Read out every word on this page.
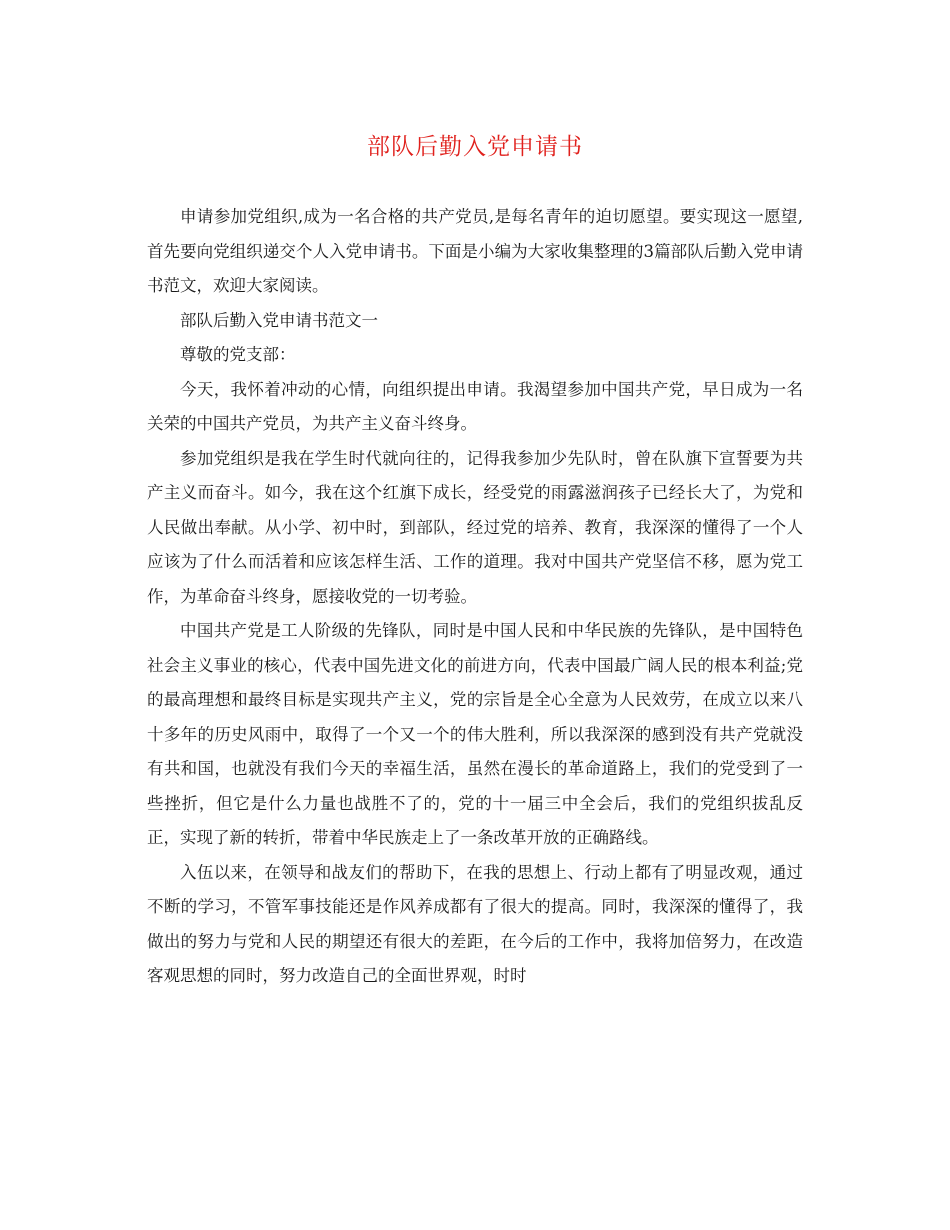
部队后勤入党申请书

申请参加党组织,成为一名合格的共产党员,是每名青年的迫切愿望。要实现这一愿望,首先要向党组织递交个人入党申请书。下面是小编为大家收集整理的3篇部队后勤入党申请书范文，欢迎大家阅读。

部队后勤入党申请书范文一

尊敬的党支部：

今天，我怀着冲动的心情，向组织提出申请。我渴望参加中国共产党，早日成为一名关荣的中国共产党员，为共产主义奋斗终身。

参加党组织是我在学生时代就向往的，记得我参加少先队时，曾在队旗下宣誓要为共产主义而奋斗。如今，我在这个红旗下成长，经受党的雨露滋润孩子已经长大了，为党和人民做出奉献。从小学、初中时，到部队，经过党的培养、教育，我深深的懂得了一个人应该为了什么而活着和应该怎样生活、工作的道理。我对中国共产党坚信不移，愿为党工作，为革命奋斗终身，愿接收党的一切考验。

中国共产党是工人阶级的先锋队，同时是中国人民和中华民族的先锋队，是中国特色社会主义事业的核心，代表中国先进文化的前进方向，代表中国最广阔人民的根本利益;党的最高理想和最终目标是实现共产主义，党的宗旨是全心全意为人民效劳，在成立以来八十多年的历史风雨中，取得了一个又一个的伟大胜利，所以我深深的感到没有共产党就没有共和国，也就没有我们今天的幸福生活，虽然在漫长的革命道路上，我们的党受到了一些挫折，但它是什么力量也战胜不了的，党的十一届三中全会后，我们的党组织拔乱反正，实现了新的转折，带着中华民族走上了一条改革开放的正确路线。

入伍以来，在领导和战友们的帮助下，在我的思想上、行动上都有了明显改观，通过不断的学习，不管军事技能还是作风养成都有了很大的提高。同时，我深深的懂得了，我做出的努力与党和人民的期望还有很大的差距，在今后的工作中，我将加倍努力，在改造客观思想的同时，努力改造自己的全面世界观，时时
